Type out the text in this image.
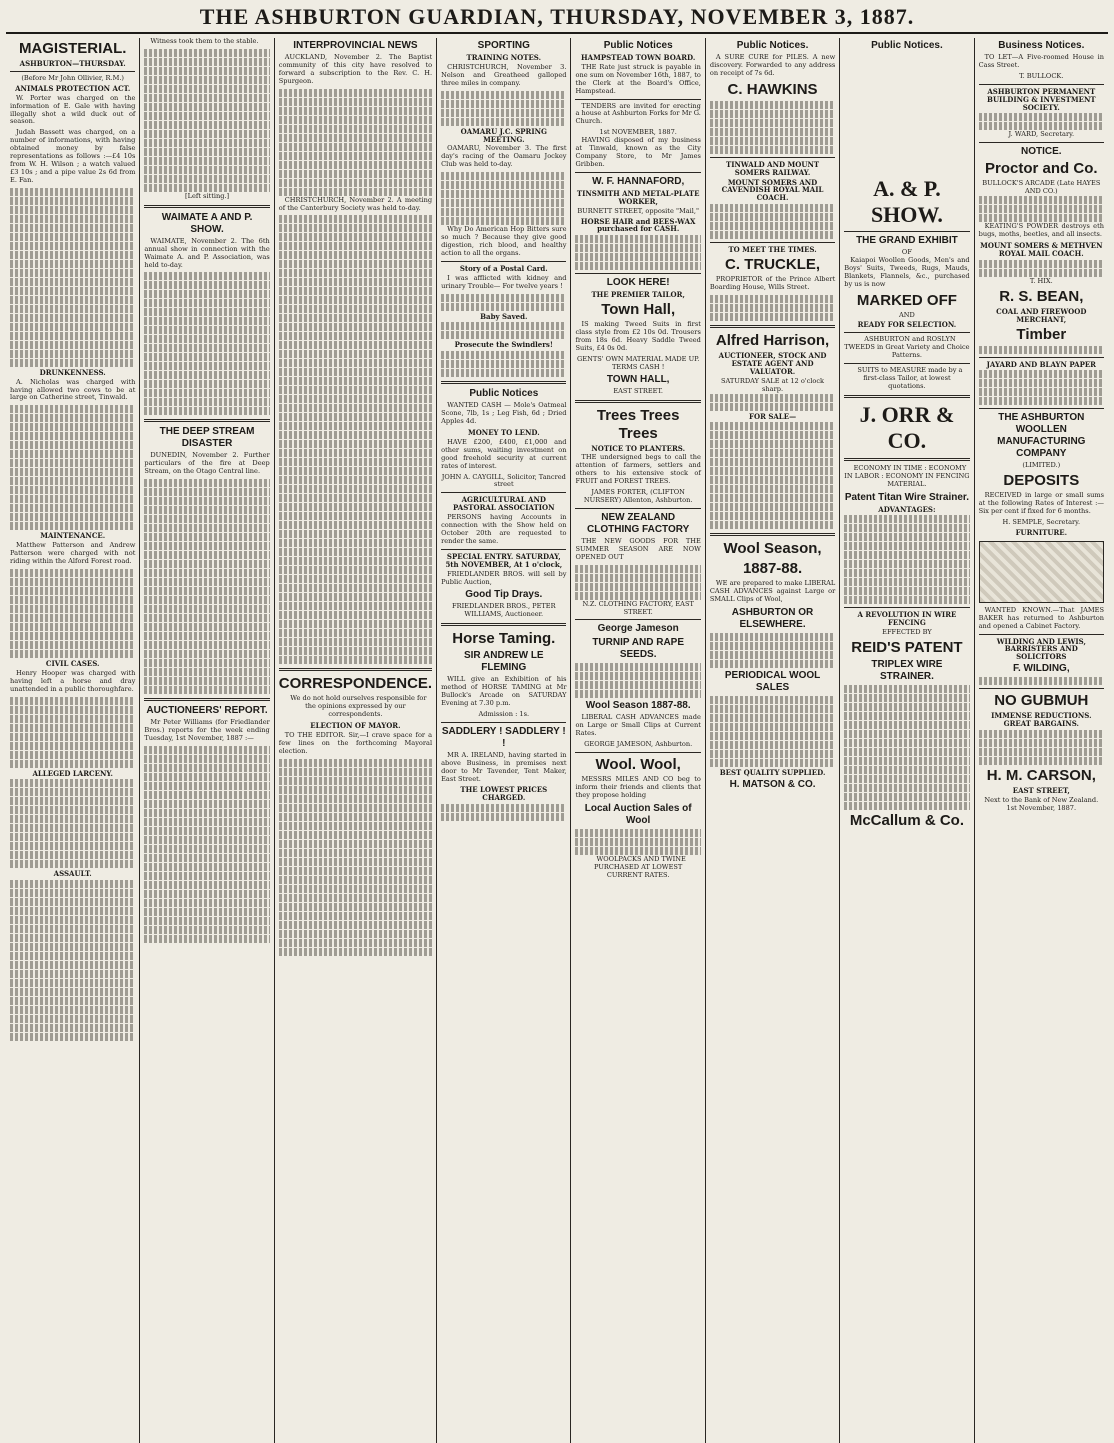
THE ASHBURTON GUARDIAN,
THURSDAY, NOVEMBER 3, 1887.
MAGISTERIAL.
ASHBURTON—THURSDAY.
(Before Mr John Ollivier, R.M.)
ANIMALS PROTECTION ACT.

W. Porter was charged on the information of E. Gale with having illegally shot a wild duck out of season.

Judah Bassett was charged, on a number of informations, with having obtained money by false representations as follows :—£4 10s from W. H. Wilson ; a watch valued £3 10s ; and a pipe value 2s 6d from E. Fan.

DRUNKENNESS.

A. Nicholas was charged with having allowed two cows to be at large on Catherine street, Tinwald.

MAINTENANCE.

Matthew Patterson and Andrew Patterson were charged with not riding within the Alford Forest road.

CIVIL CASES.

Henry Hooper was charged with having left a horse and dray unattended in a public thoroughfare.

ALLEGED LARCENY.
ASSAULT.

Witness took them to the stable.

[Left sitting.]
WAIMATE A AND P. SHOW.

WAIMATE, November 2. The 6th annual show in connection with the Waimate A. and P. Association, was held to-day.

THE DEEP STREAM DISASTER

DUNEDIN, November 2. Further particulars of the fire at Deep Stream, on the Otago Central line.

AUCTIONEERS' REPORT.

Mr Peter Williams (for Friedlander Bros.) reports for the week ending Tuesday, 1st November, 1887 :—

INTERPROVINCIAL NEWS

AUCKLAND, November 2. The Baptist community of this city have resolved to forward a subscription to the Rev. C. H. Spurgeon.

CHRISTCHURCH, November 2. A meeting of the Canterbury Society was held to-day.

CORRESPONDENCE.

We do not hold ourselves responsible for the opinions expressed by our correspondents.

ELECTION OF MAYOR.

TO THE EDITOR. Sir,—I crave space for a few lines on the forthcoming Mayoral election.

SPORTING
TRAINING NOTES.

CHRISTCHURCH, November 3. Nelson and Greatheed galloped three miles in company.

OAMARU J.C. SPRING MEETING.

OAMARU, November 3. The first day's racing of the Oamaru Jockey Club was held to-day.

Why Do American Hop Bitters sure so much ? Because they give good digestion, rich blood, and healthy action to all the organs.

Story of a Postal Card.

I was afflicted with kidney and urinary Trouble— For twelve years !

Baby Saved.
Prosecute the Swindlers!
Public Notices

WANTED CASH — Mole's Oatmeal Scone, 7lb, 1s ; Leg Fish, 6d ; Dried Apples 4d.

MONEY TO LEND.

HAVE £200, £400, £1,000 and other sums, waiting investment on good freehold security at current rates of interest.

JOHN A. CAYGILL, Solicitor, Tancred street
AGRICULTURAL AND PASTORAL ASSOCIATION

PERSONS having Accounts in connection with the Show held on October 20th are requested to render the same.

SPECIAL ENTRY. SATURDAY, 5th NOVEMBER, At 1 o'clock,

FRIEDLANDER BROS. will sell by Public Auction,

Good Tip Drays.
FRIEDLANDER BROS., PETER WILLIAMS, Auctioneer.
Horse Taming.
SIR ANDREW LE FLEMING

WILL give an Exhibition of his method of HORSE TAMING at Mr Bullock's Arcade on SATURDAY Evening at 7.30 p.m.

Admission : 1s.
SADDLERY ! SADDLERY ! !

MR A. IRELAND, having started in above Business, in premises next door to Mr Tavender, Tent Maker, East Street.

THE LOWEST PRICES CHARGED.
Public Notices
HAMPSTEAD TOWN BOARD.

THE Rate just struck is payable in one sum on November 16th, 1887, to the Clerk at the Board's Office, Hampstead.

TENDERS are invited for erecting a house at Ashburton Forks for Mr G. Church.

1st NOVEMBER, 1887.

HAVING disposed of my business at Tinwald, known as the City Company Store, to Mr James Gribben.

W. F. HANNAFORD,
TINSMITH AND METAL-PLATE WORKER,
BURNETT STREET, opposite "Mail,"
HORSE HAIR and BEES-WAX purchased for CASH.
LOOK HERE!
THE PREMIER TAILOR,
Town Hall,

IS making Tweed Suits in first class style from £2 10s 0d. Trousers from 18s 6d. Heavy Saddle Tweed Suits, £4 0s 0d.

GENTS' OWN MATERIAL MADE UP.
TERMS CASH !
TOWN HALL,
EAST STREET.
Trees Trees Trees
NOTICE TO PLANTERS.

THE undersigned begs to call the attention of farmers, settlers and others to his extensive stock of FRUIT and FOREST TREES.

JAMES FORTER, (CLIFTON NURSERY) Allenton, Ashburton.
NEW ZEALAND CLOTHING FACTORY

THE NEW GOODS FOR THE SUMMER SEASON ARE NOW OPENED OUT

N.Z. CLOTHING FACTORY, EAST STREET.
George Jameson
TURNIP AND RAPE SEEDS.
Wool Season 1887-88.

LIBERAL CASH ADVANCES made on Large or Small Clips at Current Rates.

GEORGE JAMESON, Ashburton.
Wool. Wool,

MESSRS MILES AND CO beg to inform their friends and clients that they propose holding

Local Auction Sales of Wool

WOOLPACKS AND TWINE PURCHASED AT LOWEST CURRENT RATES.

Public Notices.

A SURE CURE for PILES. A new discovery. Forwarded to any address on receipt of 7s 6d.

C. HAWKINS
TINWALD AND MOUNT SOMERS RAILWAY.
MOUNT SOMERS AND CAVENDISH ROYAL MAIL COACH.
TO MEET THE TIMES.
C. TRUCKLE,

PROPRIETOR of the Prince Albert Boarding House, Wills Street.

Alfred Harrison,
AUCTIONEER, STOCK AND ESTATE AGENT AND VALUATOR.
SATURDAY SALE at 12 o'clock sharp.
FOR SALE—
Wool Season,
1887-88.

WE are prepared to make LIBERAL CASH ADVANCES against Large or SMALL Clips of Wool,

ASHBURTON OR ELSEWHERE.
PERIODICAL WOOL SALES
BEST QUALITY SUPPLIED.
H. MATSON & CO.
Public Notices.
A. & P. SHOW.
THE GRAND EXHIBIT
OF

Kaiapoi Woollen Goods, Men's and Boys' Suits, Tweeds, Rugs, Mauds, Blankets, Flannels, &c., purchased by us is now

MARKED OFF
AND
READY FOR SELECTION.

ASHBURTON and ROSLYN TWEEDS in Great Variety and Choice Patterns.

SUITS to MEASURE made by a first-class Tailor, at lowest quotations.

J. ORR & CO.

ECONOMY IN TIME : ECONOMY IN LABOR : ECONOMY IN FENCING MATERIAL.

Patent Titan Wire Strainer.
ADVANTAGES:
A REVOLUTION IN WIRE FENCING
EFFECTED BY
REID'S PATENT
TRIPLEX WIRE STRAINER.
McCallum & Co.
Business Notices.

TO LET—A Five-roomed House in Cass Street.

T. BULLOCK.
ASHBURTON PERMANENT BUILDING & INVESTMENT SOCIETY.
J. WARD, Secretary.
NOTICE.
Proctor and Co.
BULLOCK'S ARCADE (Late HAYES AND CO.)

KEATING'S POWDER destroys eth bugs, moths, beetles, and all insects.

MOUNT SOMERS & METHVEN ROYAL MAIL COACH.
T. HIX.
R. S. BEAN,
COAL AND FIREWOOD MERCHANT,
Timber
JAYARD AND BLAYN PAPER
THE ASHBURTON WOOLLEN MANUFACTURING COMPANY
(LIMITED.)
DEPOSITS

RECEIVED in large or small sums at the following Rates of Interest :— Six per cent if fixed for 6 months.

H. SEMPLE, Secretary.
FURNITURE.

WANTED KNOWN.—That JAMES BAKER has returned to Ashburton and opened a Cabinet Factory.

WILDING AND LEWIS, BARRISTERS AND SOLICITORS
F. WILDING,
NO GUBMUH
IMMENSE REDUCTIONS. GREAT BARGAINS.
H. M. CARSON,
EAST STREET,
Next to the Bank of New Zealand.
1st November, 1887.
